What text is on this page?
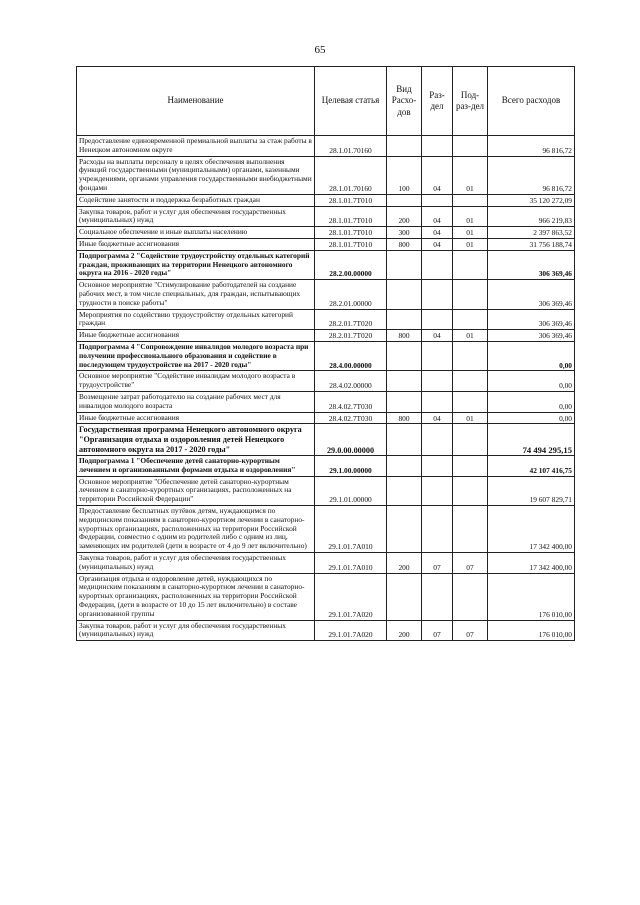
65
Наименование	Целевая статья	Вид Расхо-дов	Раз-дел	Под-раз-дел	Всего расходов
Предоставление единовременной премиальной выплаты за стаж работы в Ненецком автономном округе	28.1.01.70160				96 816,72
Расходы на выплаты персоналу в целях обеспечения выполнения функций государственными (муниципальными) органами, казенными учреждениями, органами управления государственными внебюджетными фондами	28.1.01.70160	100	04	01	96 816,72
Содействие занятости и поддержка безработных граждан	28.1.01.7Т010				35 120 272,09
Закупка товаров, работ и услуг для обеспечения государственных (муниципальных) нужд	28.1.01.7Т010	200	04	01	966 219,83
Социальное обеспечение и иные выплаты населению	28.1.01.7Т010	300	04	01	2 397 863,52
Иные бюджетные ассигнования	28.1.01.7Т010	800	04	01	31 756 188,74
Подпрограмма 2 "Содействие трудоустройству отдельных категорий граждан, проживающих на территории Ненецкого автономного округа на 2016 - 2020 годы"	28.2.00.00000				306 369,46
Основное мероприятие "Стимулирование работодателей на создание рабочих мест, в том числе специальных, для граждан, испытывающих трудности в поиске работы"	28.2.01.00000				306 369,46
Мероприятия по содействию трудоустройству отдельных категорий граждан	28.2.01.7Т020				306 369,46
Иные бюджетные ассигнования	28.2.01.7Т020	800	04	01	306 369,46
Подпрограмма 4 "Сопровождение инвалидов молодого возраста при получении профессионального образования и содействие в последующем трудоустройстве на 2017 - 2020 годы"	28.4.00.00000				0,00
Основное мероприятие "Содействие инвалидам молодого возраста в трудоустройстве"	28.4.02.00000				0,00
Возмещение затрат работодателю на создание рабочих мест для инвалидов молодого возраста	28.4.02.7Т030				0,00
Иные бюджетные ассигнования	28.4.02.7Т030	800	04	01	0,00
Государственная программа Ненецкого автономного округа "Организация отдыха и оздоровления детей Ненецкого автономного округа на 2017 - 2020 годы"	29.0.00.00000				74 494 295,15
Подпрограмма 1 "Обеспечение детей санаторно-курортным лечением и организованными формами отдыха и оздоровления"	29.1.00.00000				42 107 416,75
Основное мероприятие "Обеспечение детей санаторно-курортным лечением в санаторно-курортных организациях, расположенных на территории Российской Федерации"	29.1.01.00000				19 607 829,71
Предоставление бесплатных путёвок детям, нуждающимся по медицинским показаниям в санаторно-курортном лечении в санаторно-курортных организациях, расположенных на территории Российской Федерации, совместно с одним из родителей либо с одним из лиц, заменяющих им родителей (дети в возрасте от 4 до 9 лет включительно)	29.1.01.7А010				17 342 400,00
Закупка товаров, работ и услуг для обеспечения государственных (муниципальных) нужд	29.1.01.7А010	200	07	07	17 342 400,00
Организация отдыха и оздоровление детей, нуждающихся по медицинским показаниям в санаторно-курортном лечении в санаторно-курортных организациях, расположенных на территории Российской Федерации, (дети в возрасте от 10 до 15 лет включительно) в составе организованной группы	29.1.01.7А020				176 010,00
Закупка товаров, работ и услуг для обеспечения государственных (муниципальных) нужд	29.1.01.7А020	200	07	07	176 010,00
